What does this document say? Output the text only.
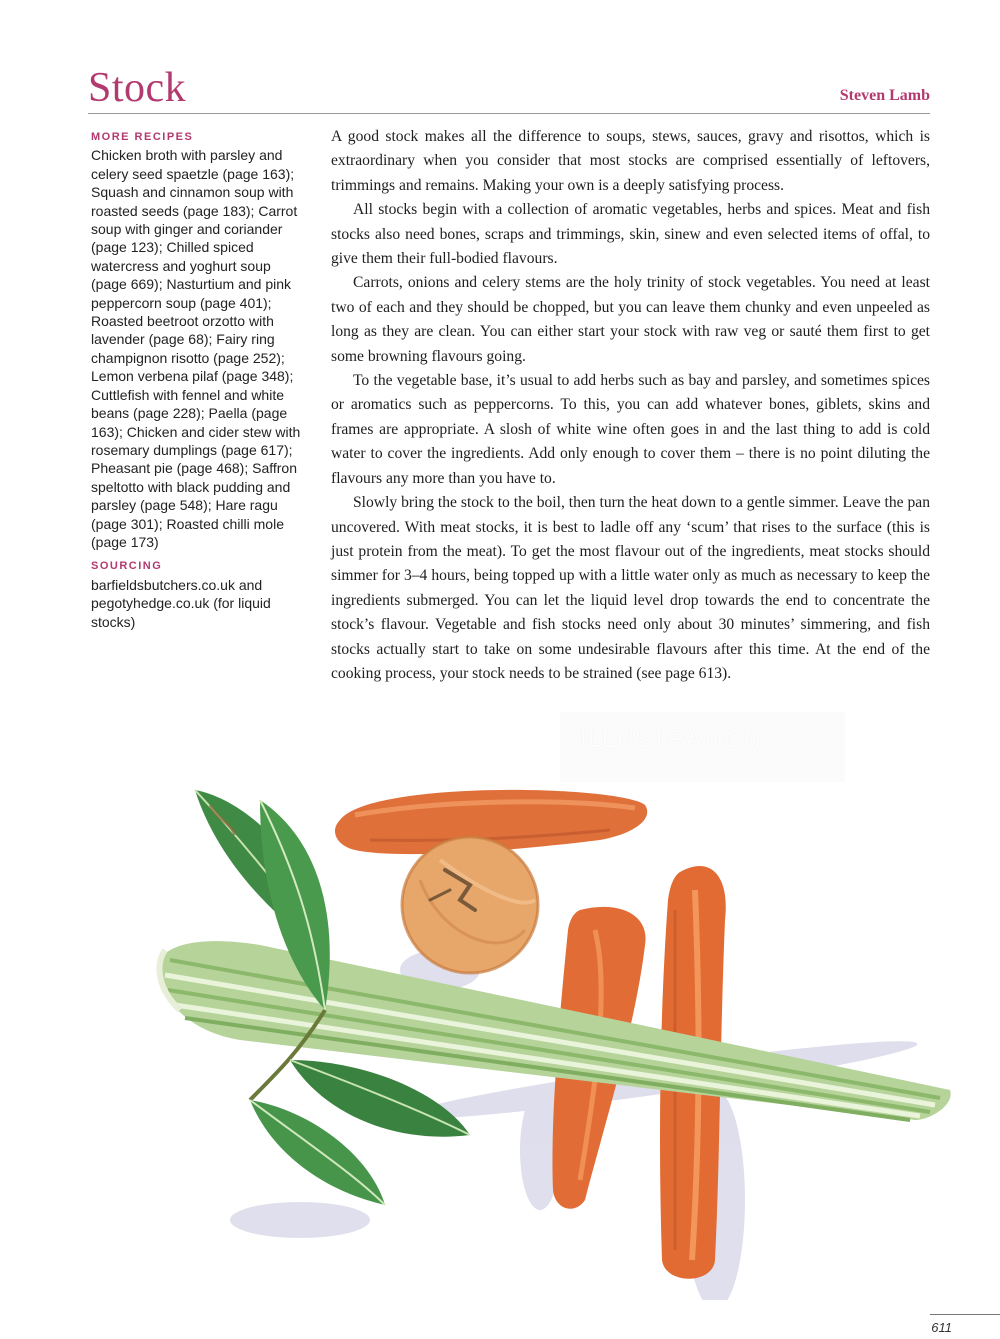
Stock	Steven Lamb

MORE RECIPES

Chicken broth with parsley and celery seed spaetzle (page 163); Squash and cinnamon soup with roasted seeds (page 183); Carrot soup with ginger and coriander (page 123); Chilled spiced watercress and yoghurt soup (page 669); Nasturtium and pink peppercorn soup (page 401); Roasted beetroot orzotto with lavender (page 68); Fairy ring champignon risotto (page 252); Lemon verbena pilaf (page 348); Cuttlefish with fennel and white beans (page 228); Paella (page 163); Chicken and cider stew with rosemary dumplings (page 617); Pheasant pie (page 468); Saffron speltotto with black pudding and parsley (page 548); Hare ragu (page 301); Roasted chilli mole (page 173)

SOURCING

barfieldsbutchers.co.uk and pegotyhedge.co.uk (for liquid stocks)

A good stock makes all the difference to soups, stews, sauces, gravy and risottos, which is extraordinary when you consider that most stocks are comprised essentially of leftovers, trimmings and remains. Making your own is a deeply satisfying process.

All stocks begin with a collection of aromatic vegetables, herbs and spices. Meat and fish stocks also need bones, scraps and trimmings, skin, sinew and even selected items of offal, to give them their full-bodied flavours.

Carrots, onions and celery stems are the holy trinity of stock vegetables. You need at least two of each and they should be chopped, but you can leave them chunky and even unpeeled as long as they are clean. You can either start your stock with raw veg or sauté them first to get some browning flavours going.

To the vegetable base, it’s usual to add herbs such as bay and parsley, and sometimes spices or aromatics such as peppercorns. To this, you can add whatever bones, giblets, skins and frames are appropriate. A slosh of white wine often goes in and the last thing to add is cold water to cover the ingredients. Add only enough to cover them – there is no point diluting the flavours any more than you have to.

Slowly bring the stock to the boil, then turn the heat down to a gentle simmer. Leave the pan uncovered. With meat stocks, it is best to ladle off any ‘scum’ that rises to the surface (this is just protein from the meat). To get the most flavour out of the ingredients, meat stocks should simmer for 3–4 hours, being topped up with a little water only as much as necessary to keep the ingredients submerged. You can let the liquid level drop towards the end to concentrate the stock’s flavour. Vegetable and fish stocks need only about 30 minutes’ simmering, and fish stocks actually start to take on some undesirable flavours after this time. At the end of the cooking process, your stock needs to be strained (see page 613).

ILLUSTRATION
611
